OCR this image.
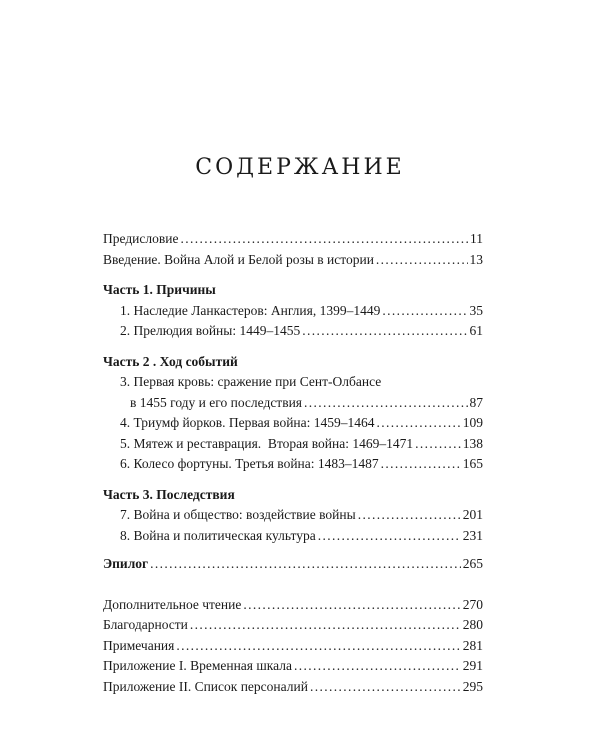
СОДЕРЖАНИЕ
Предисловие . . .	11
Введение. Война Алой и Белой розы в истории . . .	13
Часть 1. Причины
1. Наследие Ланкастеров: Англия, 1399–1449 . . .	35
2. Прелюдия войны: 1449–1455 . . .	61
Часть 2 . Ход событий
3. Первая кровь: сражение при Сент-Олбансе
в 1455 году и его последствия . . .	87
4. Триумф йорков. Первая война: 1459–1464 . . .	109
5. Мятеж и реставрация.  Вторая война: 1469–1471 . . .	138
6. Колесо фортуны. Третья война: 1483–1487 . . .	165
Часть 3. Последствия
7. Война и общество: воздействие войны . . .	201
8. Война и политическая культура . . .	231
Эпилог . . .	265
Дополнительное чтение . . .	270
Благодарности . . .	280
Примечания . . .	281
Приложение I. Временная шкала . . .	291
Приложение II. Список персоналий . . .	295
